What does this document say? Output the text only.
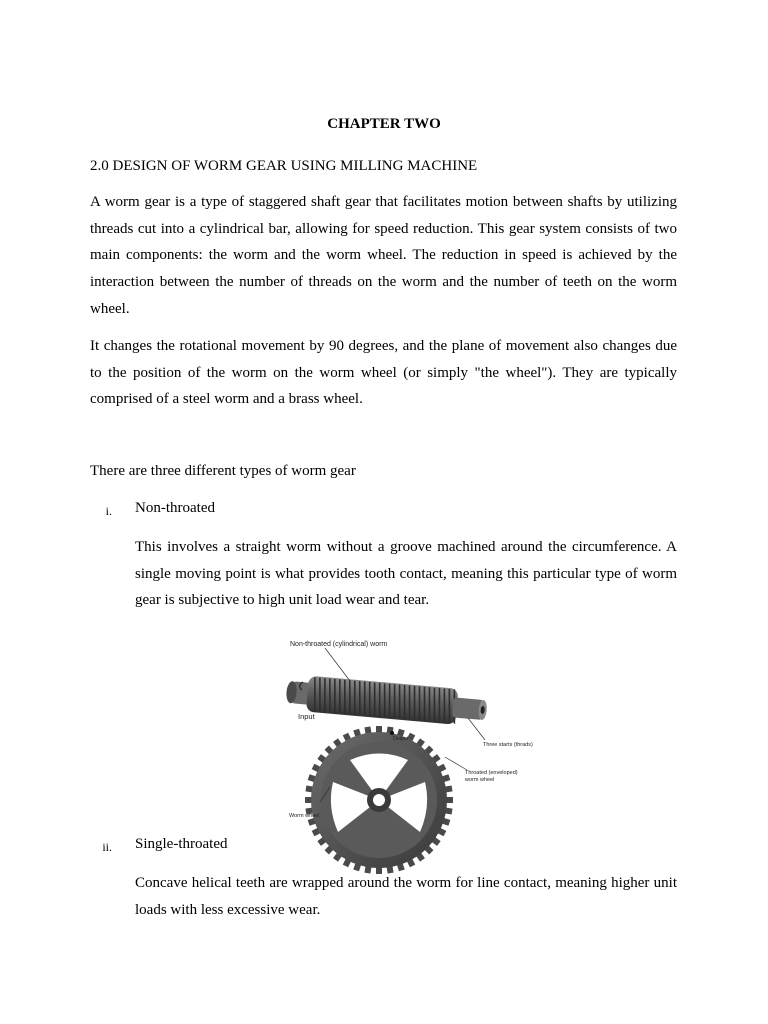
CHAPTER TWO
2.0 DESIGN OF WORM GEAR USING MILLING MACHINE

A worm gear is a type of staggered shaft gear that facilitates motion between shafts by utilizing threads cut into a cylindrical bar, allowing for speed reduction. This gear system consists of two main components: the worm and the worm wheel. The reduction in speed is achieved by the interaction between the number of threads on the worm and the number of teeth on the worm wheel.

It changes the rotational movement by 90 degrees, and the plane of movement also changes due to the position of the worm on the worm wheel (or simply "the wheel"). They are typically comprised of a steel worm and a brass wheel.

There are three different types of worm gear
i. Non-throated

This involves a straight worm without a groove machined around the circumference. A single moving point is what provides tooth contact, meaning this particular type of worm gear is subjective to high unit load wear and tear.

Non-throated (cylindrical) worm
Input
Output
Three starts (thrads)
Throated (enveloped)
worm wheel
Worm wheel
ii. Single-throated

Concave helical teeth are wrapped around the worm for line contact, meaning higher unit loads with less excessive wear.
